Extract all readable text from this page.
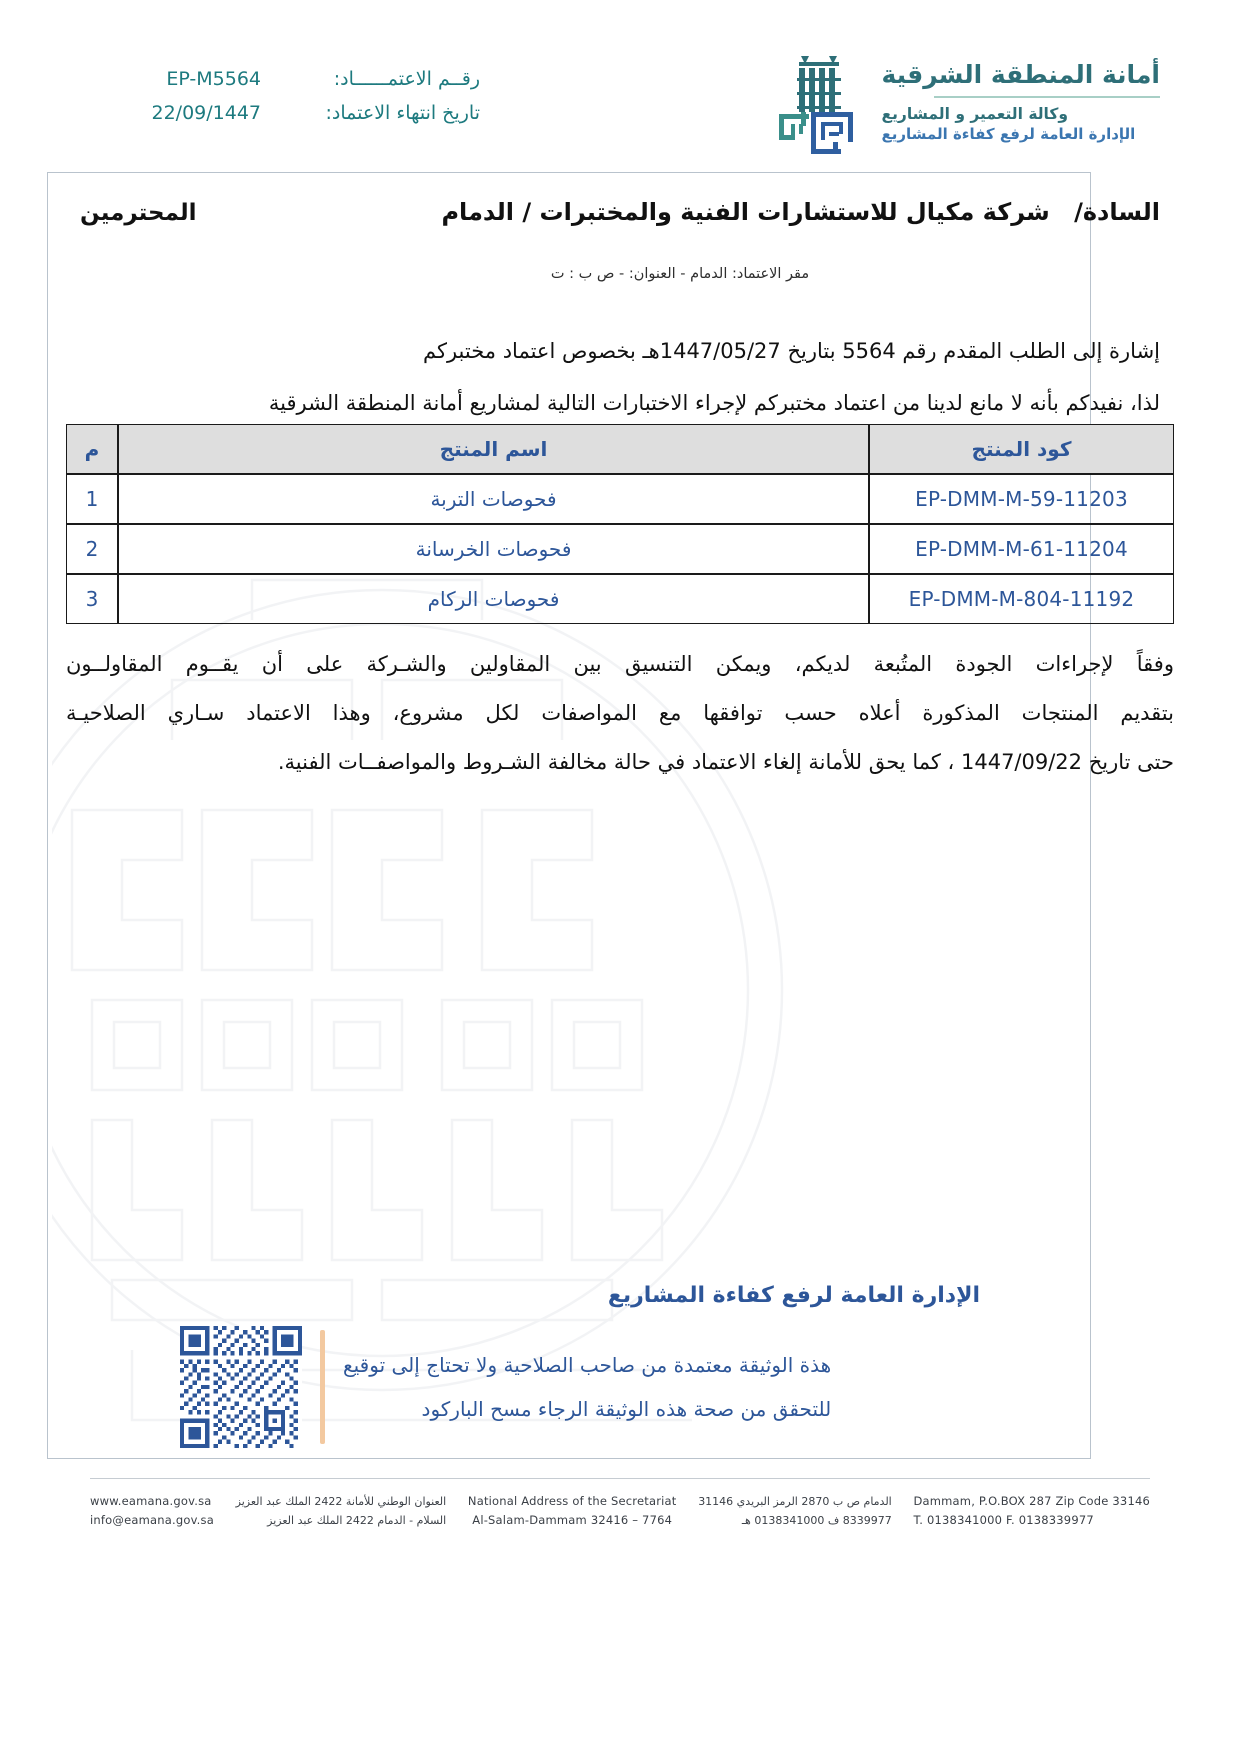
رقــم الاعتمــــــاد:
EP-M5564
تاريخ انتهاء الاعتماد:
22/09/1447
أمانة المنطقة الشرقية
وكالة التعمير و المشاريع
الإدارة العامة لرفع كفاءة المشاريع
السادة/ شركة مكيال للاستشارات الفنية والمختبرات / الدمام
المحترمين
مقر الاعتماد: الدمام - العنوان: - ص ب : ت
إشارة إلى الطلب المقدم رقم 5564 بتاريخ 1447/05/27هـ بخصوص اعتماد مختبركم
لذا، نفيدكم بأنه لا مانع لدينا من اعتماد مختبركم لإجراء الاختبارات التالية لمشاريع أمانة المنطقة الشرقية
كود المنتج	اسم المنتج	م
EP-DMM-M-59-11203	فحوصات التربة	1
EP-DMM-M-61-11204	فحوصات الخرسانة	2
EP-DMM-M-804-11192	فحوصات الركام	3

وفقاً لإجراءات الجودة المتُبعة لديكم، ويمكن التنسيق بين المقاولين والشـركة على أن يقــوم المقاولــون

بتقديم المنتجات المذكورة أعلاه حسب توافقها مع المواصفات لكل مشروع، وهذا الاعتماد سـاري الصلاحيـة

حتى تاريخ 1447/09/22 ، كما يحق للأمانة إلغاء الاعتماد في حالة مخالفة الشـروط والمواصفــات الفنية.

الإدارة العامة لرفع كفاءة المشاريع
هذة الوثيقة معتمدة من صاحب الصلاحية ولا تحتاج إلى توقيع
للتحقق من صحة هذه الوثيقة الرجاء مسح الباركود
Dammam, P.O.BOX 287 Zip Code 33146
T. 0138341000 F. 0138339977
الدمام ص ب 2870 الرمز البريدي 31146
8339977 ف 0138341000 هـ
National Address of the Secretariat
Al-Salam-Dammam 32416 – 7764
العنوان الوطني للأمانة 2422 الملك عبد العزيز
السلام - الدمام 2422 الملك عبد العزيز
www.eamana.gov.sa
info@eamana.gov.sa
